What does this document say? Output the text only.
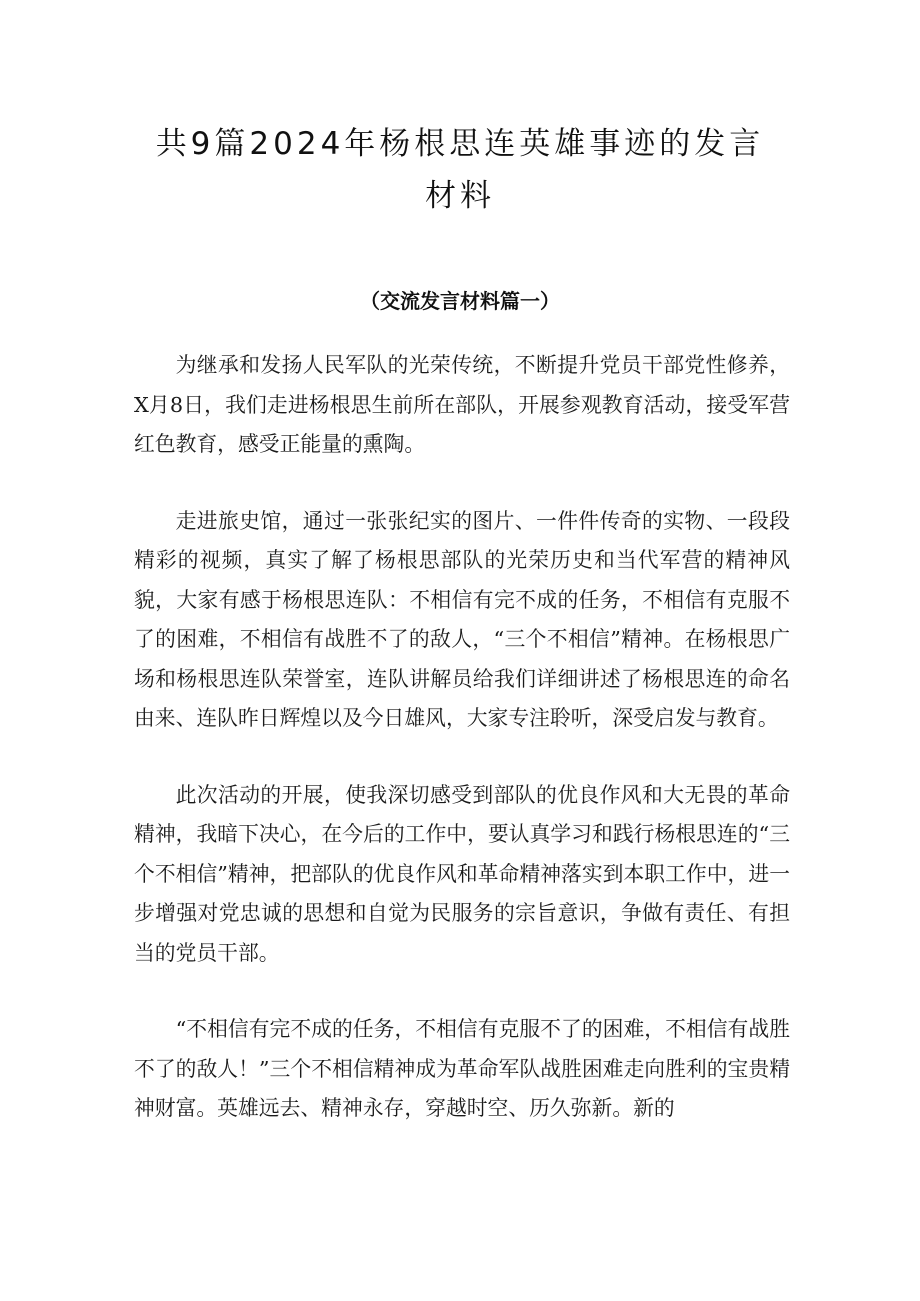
共9篇2024年杨根思连英雄事迹的发言材料
（交流发言材料篇一）

为继承和发扬人民军队的光荣传统，不断提升党员干部党性修养，X月8日，我们走进杨根思生前所在部队，开展参观教育活动，接受军营红色教育，感受正能量的熏陶。

走进旅史馆，通过一张张纪实的图片、一件件传奇的实物、一段段精彩的视频，真实了解了杨根思部队的光荣历史和当代军营的精神风貌，大家有感于杨根思连队：不相信有完不成的任务，不相信有克服不了的困难，不相信有战胜不了的敌人，“三个不相信”精神。在杨根思广场和杨根思连队荣誉室，连队讲解员给我们详细讲述了杨根思连的命名由来、连队昨日辉煌以及今日雄风，大家专注聆听，深受启发与教育。

此次活动的开展，使我深切感受到部队的优良作风和大无畏的革命精神，我暗下决心，在今后的工作中，要认真学习和践行杨根思连的“三个不相信”精神，把部队的优良作风和革命精神落实到本职工作中，进一步增强对党忠诚的思想和自觉为民服务的宗旨意识，争做有责任、有担当的党员干部。

“不相信有完不成的任务，不相信有克服不了的困难，不相信有战胜不了的敌人！”三个不相信精神成为革命军队战胜困难走向胜利的宝贵精神财富。英雄远去、精神永存，穿越时空、历久弥新。新的
